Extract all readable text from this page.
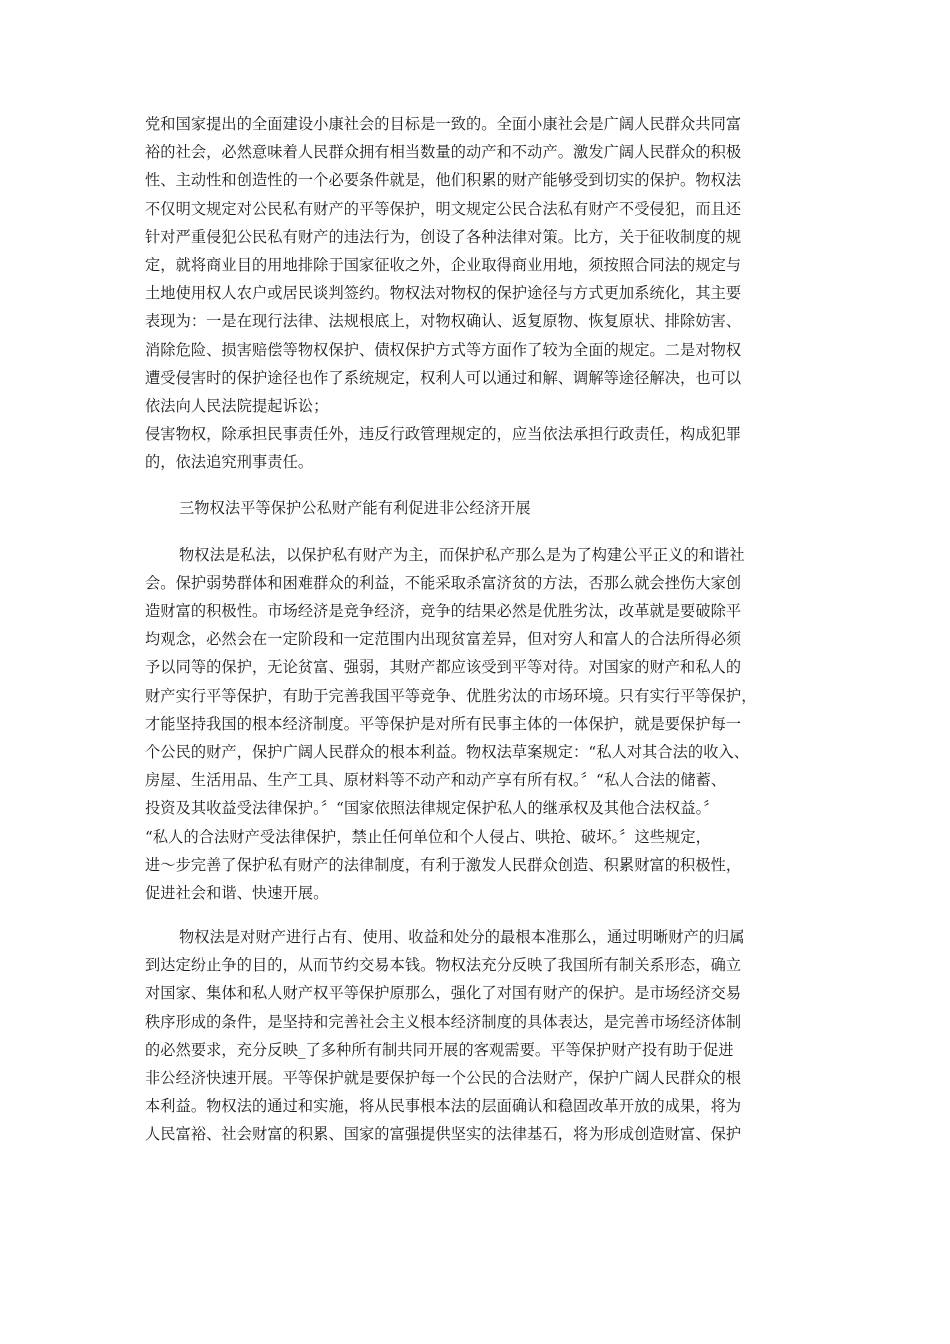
党和国家提出的全面建设小康社会的目标是一致的。全面小康社会是广阔人民群众共同富
裕的社会，必然意味着人民群众拥有相当数量的动产和不动产。激发广阔人民群众的积极
性、主动性和创造性的一个必要条件就是，他们积累的财产能够受到切实的保护。物权法
不仅明文规定对公民私有财产的平等保护，明文规定公民合法私有财产不受侵犯，而且还
针对严重侵犯公民私有财产的违法行为，创设了各种法律对策。比方，关于征收制度的规
定，就将商业目的用地排除于国家征收之外，企业取得商业用地，须按照合同法的规定与
土地使用权人农户或居民谈判签约。物权法对物权的保护途径与方式更加系统化，其主要
表现为：一是在现行法律、法规根底上，对物权确认、返复原物、恢复原状、排除妨害、
消除危险、损害赔偿等物权保护、债权保护方式等方面作了较为全面的规定。二是对物权
遭受侵害时的保护途径也作了系统规定，权利人可以通过和解、调解等途径解决，也可以
依法向人民法院提起诉讼；
侵害物权，除承担民事责任外，违反行政管理规定的，应当依法承担行政责任，构成犯罪
的，依法追究刑事责任。
三物权法平等保护公私财产能有利促进非公经济开展
物权法是私法，以保护私有财产为主，而保护私产那么是为了构建公平正义的和谐社
会。保护弱势群体和困难群众的利益，不能采取杀富济贫的方法，否那么就会挫伤大家创
造财富的积极性。市场经济是竞争经济，竞争的结果必然是优胜劣汰，改革就是要破除平
均观念，必然会在一定阶段和一定范围内出现贫富差异，但对穷人和富人的合法所得必须
予以同等的保护，无论贫富、强弱，其财产都应该受到平等对待。对国家的财产和私人的
财产实行平等保护，有助于完善我国平等竞争、优胜劣汰的市场环境。只有实行平等保护，
才能坚持我国的根本经济制度。平等保护是对所有民事主体的一体保护，就是要保护每一
个公民的财产，保护广阔人民群众的根本利益。物权法草案规定：“私人对其合法的收入、
房屋、生活用品、生产工具、原材料等不动产和动产享有所有权。〞“私人合法的储蓄、
投资及其收益受法律保护。〞“国家依照法律规定保护私人的继承权及其他合法权益。〞
“私人的合法财产受法律保护，禁止任何单位和个人侵占、哄抢、破坏。〞这些规定，
进～步完善了保护私有财产的法律制度，有利于激发人民群众创造、积累财富的积极性，
促进社会和谐、快速开展。
物权法是对财产进行占有、使用、收益和处分的最根本准那么，通过明晰财产的归属
到达定纷止争的目的，从而节约交易本钱。物权法充分反映了我国所有制关系形态，确立
对国家、集体和私人财产权平等保护原那么，强化了对国有财产的保护。是市场经济交易
秩序形成的条件，是坚持和完善社会主义根本经济制度的具体表达，是完善市场经济体制
的必然要求，充分反映_了多种所有制共同开展的客观需要。平等保护财产投有助于促进
非公经济快速开展。平等保护就是要保护每一个公民的合法财产，保护广阔人民群众的根
本利益。物权法的通过和实施，将从民事根本法的层面确认和稳固改革开放的成果，将为
人民富裕、社会财富的积累、国家的富强提供坚实的法律基石，将为形成创造财富、保护
